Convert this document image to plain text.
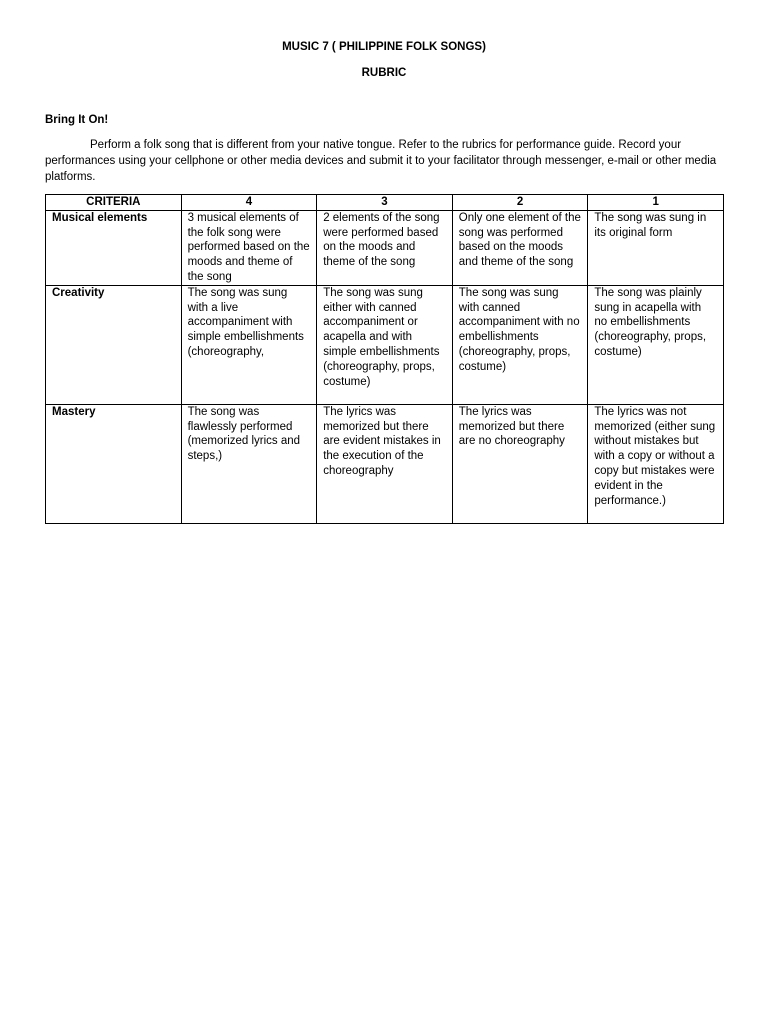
MUSIC 7 ( PHILIPPINE FOLK SONGS)
RUBRIC
Bring It On!

Perform a folk song that is different from your native tongue. Refer to the rubrics for performance guide. Record your performances using your cellphone or other media devices and submit it to your facilitator through messenger, e-mail or other media platforms.

CRITERIA	4	3	2	1
Musical elements	3 musical elements of the folk song were performed based on the moods and theme of the song	2 elements of the song were performed based on the moods and theme of the song	Only one element of the song was performed based on the moods and theme of the song	The song was sung in its original form
Creativity	The song was sung with a live accompaniment with simple embellishments (choreography,	The song was sung either with canned accompaniment or acapella and with simple embellishments (choreography, props, costume)	The song was sung with canned accompaniment with no embellishments (choreography, props, costume)	The song was plainly sung in acapella with no embellishments (choreography, props, costume)
Mastery	The song was flawlessly performed (memorized lyrics and steps,)	The lyrics was memorized but there are evident mistakes in the execution of the choreography	The lyrics was memorized but there are no choreography	The lyrics was not memorized (either sung without mistakes but with a copy or without a copy but mistakes were evident in the performance.)
